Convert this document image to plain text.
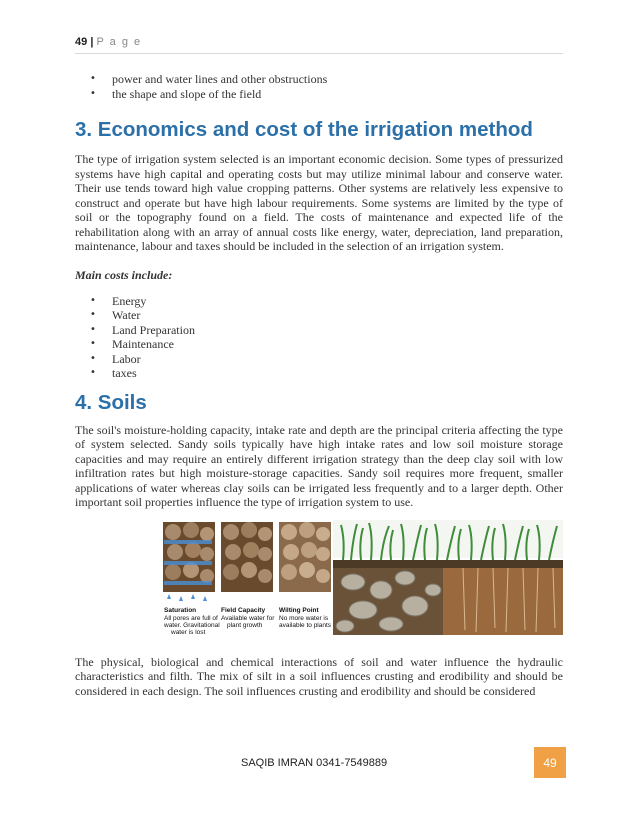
49 | P a g e
• power and water lines and other obstructions
• the shape and slope of the field
3. Economics and cost of the irrigation method

The type of irrigation system selected is an important economic decision. Some types of pressurized systems have high capital and operating costs but may utilize minimal labour and conserve water. Their use tends toward high value cropping patterns. Other systems are relatively less expensive to construct and operate but have high labour requirements. Some systems are limited by the type of soil or the topography found on a field. The costs of maintenance and expected life of the rehabilitation along with an array of annual costs like energy, water, depreciation, land preparation, maintenance, labour and taxes should be included in the selection of an irrigation system.

Main costs include:
• Energy
• Water
• Land Preparation
• Maintenance
• Labor
• taxes
4. Soils

The soil's moisture-holding capacity, intake rate and depth are the principal criteria affecting the type of system selected. Sandy soils typically have high intake rates and low soil moisture storage capacities and may require an entirely different irrigation strategy than the deep clay soil with low infiltration rates but high moisture-storage capacities. Sandy soil requires more frequent, smaller applications of water whereas clay soils can be irrigated less frequently and to a larger depth. Other important soil properties influence the type of irrigation system to use.

Saturation
All pores are full of
water. Gravitational
water is lost
Field Capacity
Available water for
plant growth
Wilting Point
No more water is
available to plants

The physical, biological and chemical interactions of soil and water influence the hydraulic characteristics and filth. The mix of silt in a soil influences crusting and erodibility and should be considered in each design. The soil influences crusting and erodibility and should be considered

SAQIB IMRAN 0341-7549889	49
